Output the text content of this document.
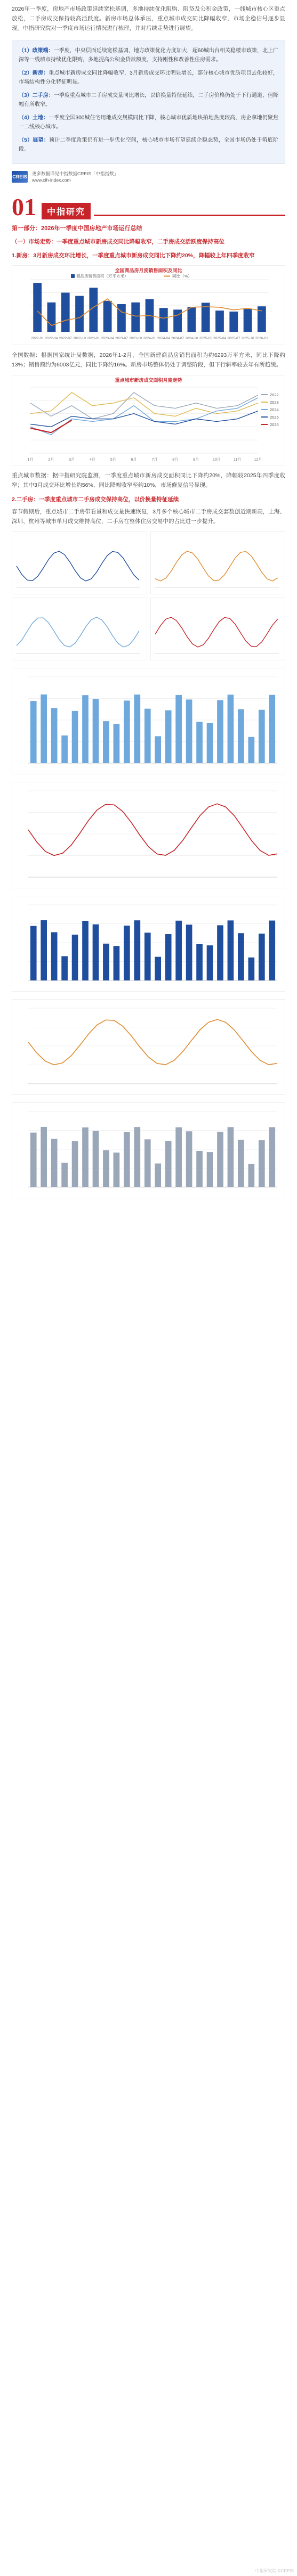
2026年一季度，房地产市场政策延续宽松基调，多地持续优化限购、限贷及公积金政策，一线城市核心区重点放松，二手房成交保持较高活跃度。新房市场总体承压，重点城市成交同比降幅收窄，市场企稳信号逐步显现。中指研究院对一季度市场运行情况进行梳理，并对后续走势进行展望。

（1）政策端：一季度，中央层面延续宽松基调，地方政策优化力度加大，超60城出台相关稳楼市政策，北上广深等一线城市持续优化限购，多地提高公积金贷款额度，支持刚性和改善性住房需求。
（2）新房：重点城市新房成交同比降幅收窄，3月新房成交环比明显增长，部分核心城市优质项目去化较好，市场结构性分化特征明显。
（3）二手房：一季度重点城市二手房成交量同比增长，以价换量特征延续，二手房价格仍处于下行通道，但降幅有所收窄。
（4）土地：一季度全国300城住宅用地成交规模同比下降，核心城市优质地块拍地热度较高，房企拿地仍聚焦一二线核心城市。
（5）展望：预计二季度政策仍有进一步优化空间，核心城市市场有望延续企稳态势，全国市场仍处于筑底阶段。
CREIS
更多数据详见中指数据CREIS「中指指数」
www.cih-index.com
01	中指研究
第一部分：2026年一季度中国房地产市场运行总结
（一）市场走势：一季度重点城市新房成交同比降幅收窄，二手房成交活跃度保持高位
1.新房：3月新房成交环比增长，一季度重点城市新房成交同比下降约20%，降幅较上年四季度收窄
全国商品房月度销售面积及同比
商品房销售面积（万平方米）	同比（%）
2022-01 2022-04 2022-07 2022-10 2023-01 2023-04 2023-07 2023-10 2024-01 2024-04 2024-07 2024-10 2025-01 2025-04 2025-07 2025-10 2026-01

全国数据：根据国家统计局数据，2026年1-2月，全国新建商品房销售面积为约6293万平方米，同比下降约13%；销售额约为6003亿元，同比下降约16%。新房市场整体仍处于调整阶段，但下行斜率较去年有所趋缓。

重点城市新房成交面积月度走势
1月	2月	3月	4月	5月	6月	7月	8月	9月	10月	11月	12月
2022
2023
2024
2025
2026

重点城市数据：据中指研究院监测，一季度重点城市新房成交面积同比下降约20%，降幅较2025年四季度收窄；其中3月成交环比增长约56%，同比降幅收窄至约10%，市场修复信号显现。

2.二手房：一季度重点城市二手房成交保持高位，以价换量特征延续

春节假期后，重点城市二手房带看量和成交量快速恢复，3月多个核心城市二手房成交套数创近期新高，上海、深圳、杭州等城市单月成交维持高位，二手房在整体住房交易中的占比进一步提升。

中指研究院 ©CREIS
